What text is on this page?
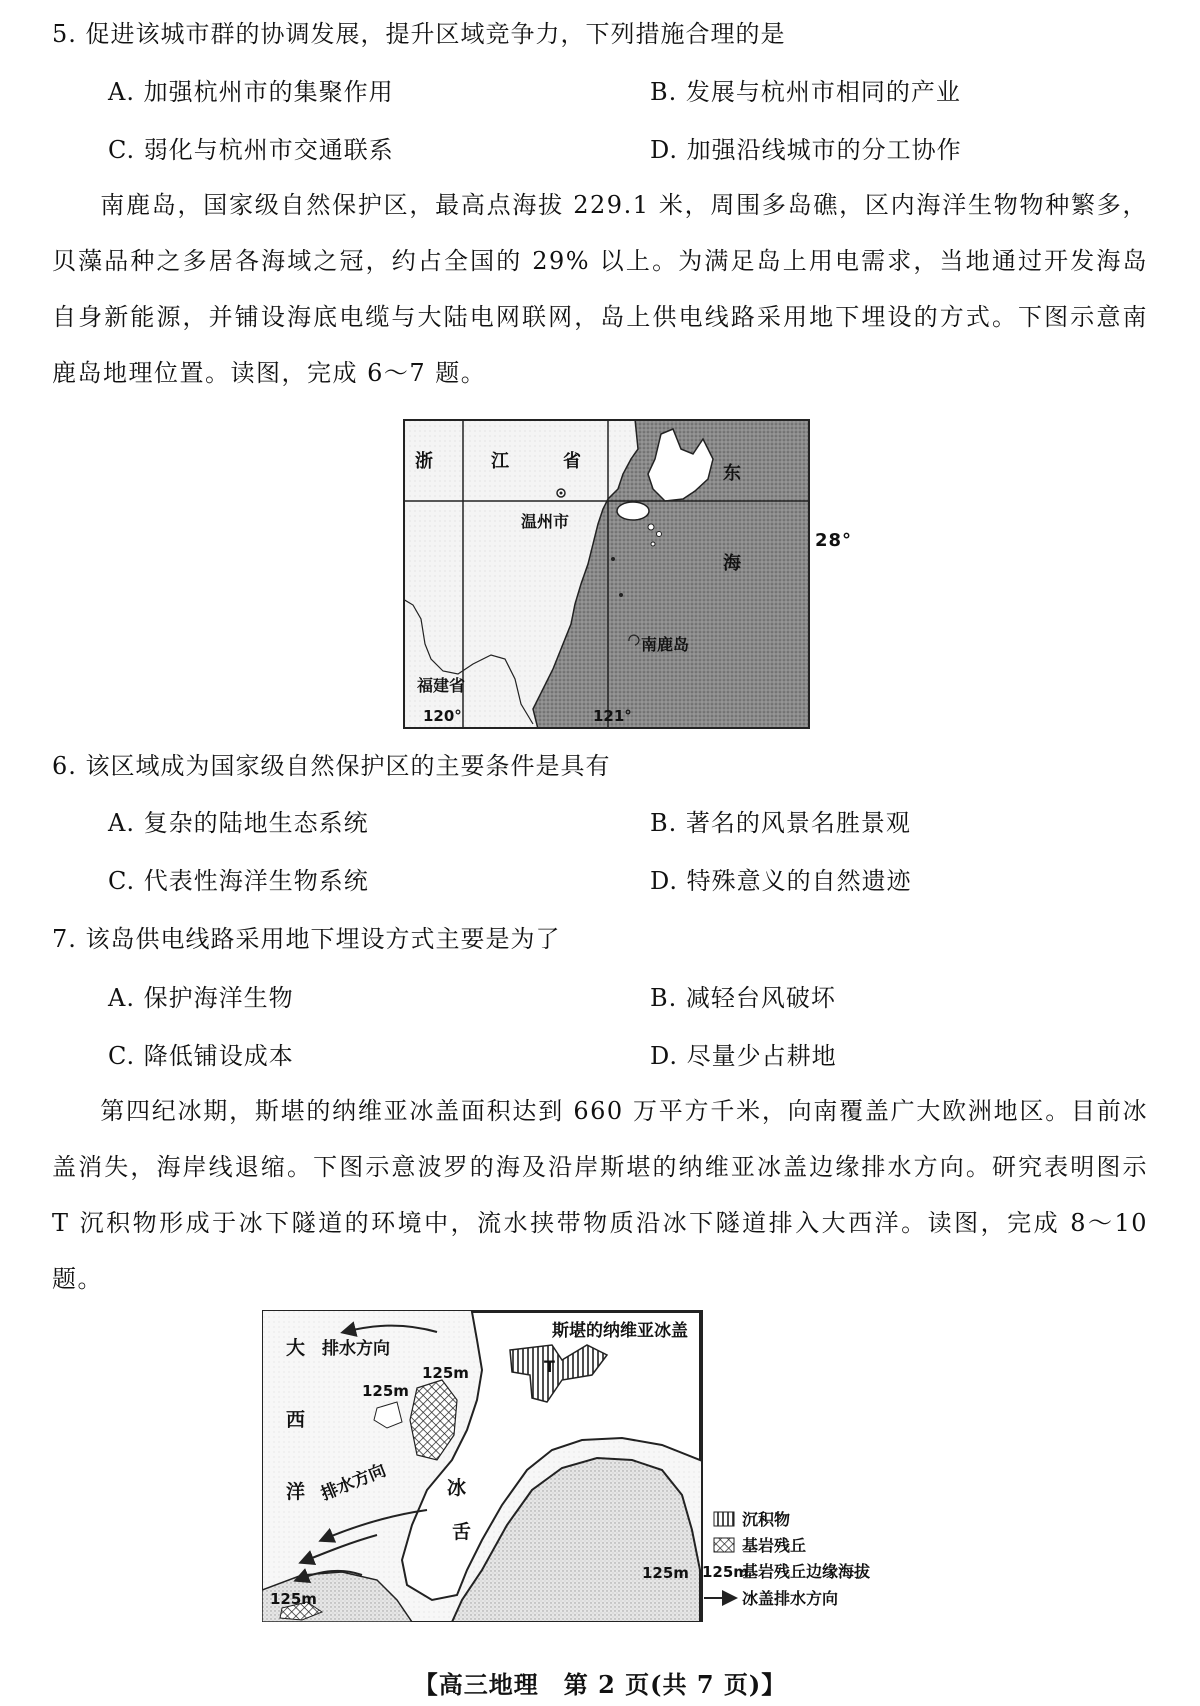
5. 促进该城市群的协调发展，提升区域竞争力，下列措施合理的是
A. 加强杭州市的集聚作用	B. 发展与杭州市相同的产业
C. 弱化与杭州市交通联系	D. 加强沿线城市的分工协作
南鹿岛，国家级自然保护区，最高点海拔 229.1 米，周围多岛礁，区内海洋生物物种繁多，贝藻品种之多居各海域之冠，约占全国的 29% 以上。为满足岛上用电需求，当地通过开发海岛自身新能源，并铺设海底电缆与大陆电网联网，岛上供电线路采用地下埋设的方式。下图示意南鹿岛地理位置。读图，完成 6～7 题。
浙	江	省
东
海
温州市
南鹿岛
福建省
120°	121°
28°
6. 该区域成为国家级自然保护区的主要条件是具有
A. 复杂的陆地生态系统	B. 著名的风景名胜景观
C. 代表性海洋生物系统	D. 特殊意义的自然遗迹
7. 该岛供电线路采用地下埋设方式主要是为了
A. 保护海洋生物	B. 减轻台风破坏
C. 降低铺设成本	D. 尽量少占耕地
第四纪冰期，斯堪的纳维亚冰盖面积达到 660 万平方千米，向南覆盖广大欧洲地区。目前冰盖消失，海岸线退缩。下图示意波罗的海及沿岸斯堪的纳维亚冰盖边缘排水方向。研究表明图示 T 沉积物形成于冰下隧道的环境中，流水挟带物质沿冰下隧道排入大西洋。读图，完成 8～10 题。
斯堪的纳维亚冰盖
大
西
洋
排水方向
排水方向
125m
125m
125m
125m
T
冰
舌
沉积物
基岩残丘
125m
基岩残丘边缘海拔
冰盖排水方向
【高三地理　第 2 页(共 7 页)】
